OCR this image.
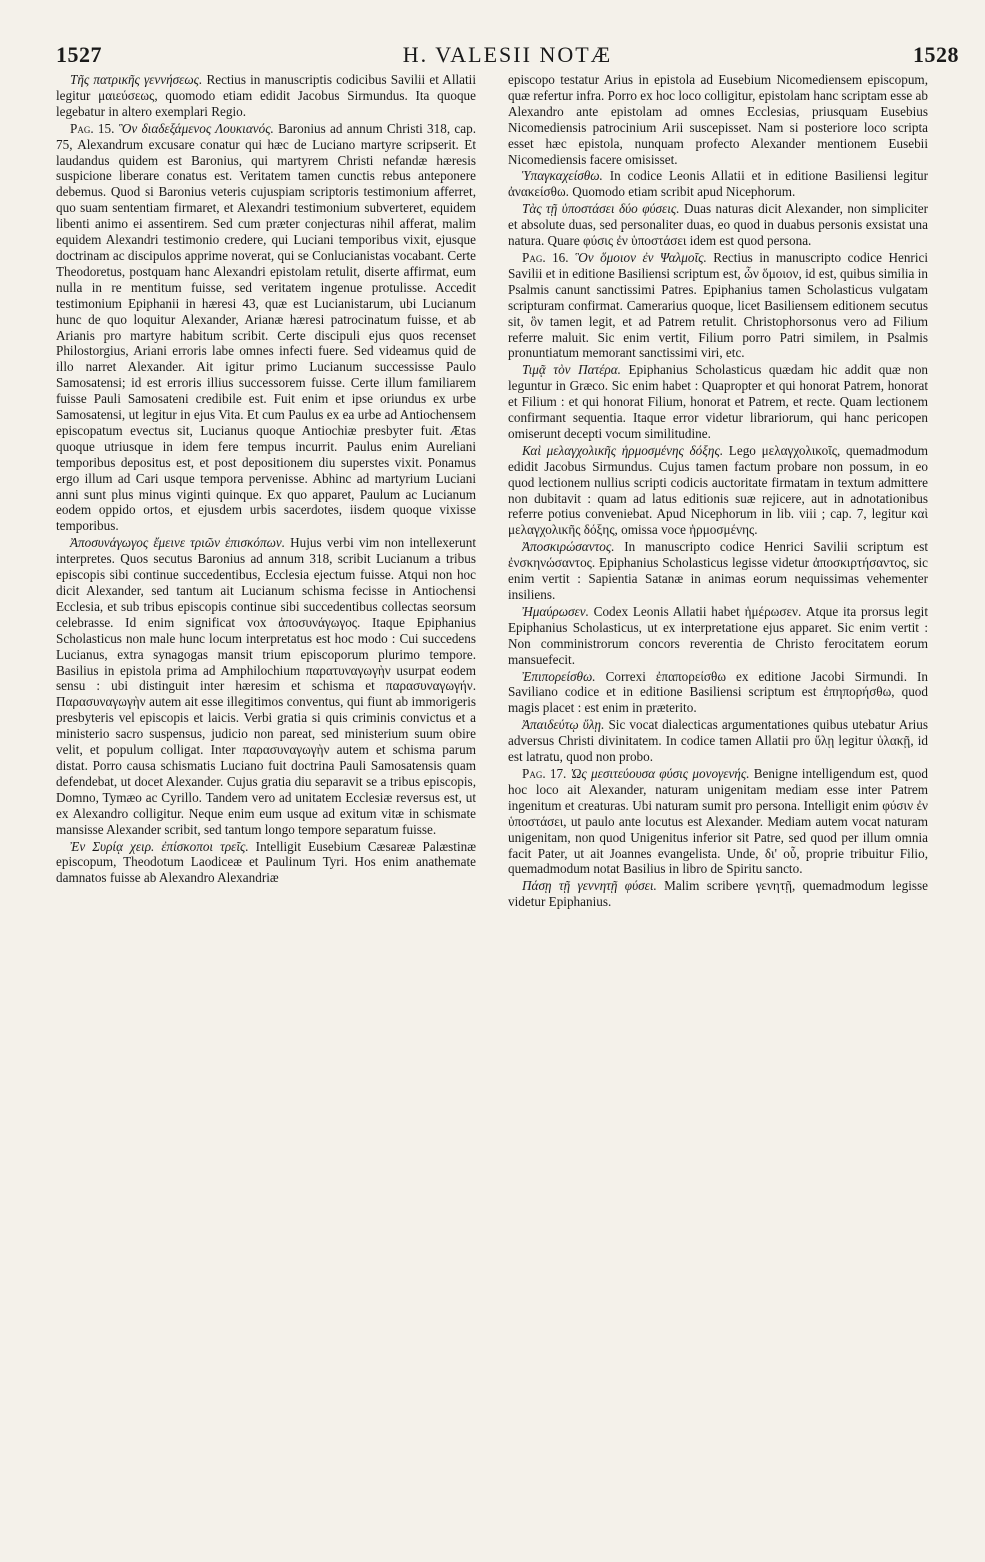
1527	H. VALESII NOTÆ	1528

Τῆς πατρικῆς γεννήσεως. Rectius in manuscriptis codicibus Savilii et Allatii legitur μαιεύσεως, quomodo etiam edidit Jacobus Sirmundus. Ita quoque legebatur in altero exemplari Regio.

Pag. 15. Ὃν διαδεξάμενος Λουκιανός. Baronius ad annum Christi 318, cap. 75, Alexandrum excusare conatur qui hæc de Luciano martyre scripserit. Et laudandus quidem est Baronius, qui martyrem Christi nefandæ hæresis suspicione liberare conatus est. Veritatem tamen cunctis rebus anteponere debemus. Quod si Baronius veteris cujuspiam scriptoris testimonium afferret, quo suam sententiam firmaret, et Alexandri testimonium subverteret, equidem libenti animo ei assentirem. Sed cum præter conjecturas nihil afferat, malim equidem Alexandri testimonio credere, qui Luciani temporibus vixit, ejusque doctrinam ac discipulos apprime noverat, qui se Conlucianistas vocabant. Certe Theodoretus, postquam hanc Alexandri epistolam retulit, diserte affirmat, eum nulla in re mentitum fuisse, sed veritatem ingenue protulisse. Accedit testimonium Epiphanii in hæresi 43, quæ est Lucianistarum, ubi Lucianum hunc de quo loquitur Alexander, Arianæ hæresi patrocinatum fuisse, et ab Arianis pro martyre habitum scribit. Certe discipuli ejus quos recenset Philostorgius, Ariani erroris labe omnes infecti fuere. Sed videamus quid de illo narret Alexander. Ait igitur primo Lucianum successisse Paulo Samosatensi; id est erroris illius successorem fuisse. Certe illum familiarem fuisse Pauli Samosateni credibile est. Fuit enim et ipse oriundus ex urbe Samosatensi, ut legitur in ejus Vita. Et cum Paulus ex ea urbe ad Antiochensem episcopatum evectus sit, Lucianus quoque Antiochiæ presbyter fuit. Ætas quoque utriusque in idem fere tempus incurrit. Paulus enim Aureliani temporibus depositus est, et post depositionem diu superstes vixit. Ponamus ergo illum ad Cari usque tempora pervenisse. Abhinc ad martyrium Luciani anni sunt plus minus viginti quinque. Ex quo apparet, Paulum ac Lucianum eodem oppido ortos, et ejusdem urbis sacerdotes, iisdem quoque vixisse temporibus.

Ἀποσυνάγωγος ἔμεινε τριῶν ἐπισκόπων. Hujus verbi vim non intellexerunt interpretes. Quos secutus Baronius ad annum 318, scribit Lucianum a tribus episcopis sibi continue succedentibus, Ecclesia ejectum fuisse. Atqui non hoc dicit Alexander, sed tantum ait Lucianum schisma fecisse in Antiochensi Ecclesia, et sub tribus episcopis continue sibi succedentibus collectas seorsum celebrasse. Id enim significat vox ἀποσυνάγωγος. Itaque Epiphanius Scholasticus non male hunc locum interpretatus est hoc modo : Cui succedens Lucianus, extra synagogas mansit trium episcoporum plurimo tempore. Basilius in epistola prima ad Amphilochium παρατυναγωγὴν usurpat eodem sensu : ubi distinguit inter hæresim et schisma et παρασυναγωγήν. Παρασυναγωγὴν autem ait esse illegitimos conventus, qui fiunt ab immorigeris presbyteris vel episcopis et laicis. Verbi gratia si quis criminis convictus et a ministerio sacro suspensus, judicio non pareat, sed ministerium suum obire velit, et populum colligat. Inter παρασυναγωγὴν autem et schisma parum distat. Porro causa schismatis Luciano fuit doctrina Pauli Samosatensis quam defendebat, ut docet Alexander. Cujus gratia diu separavit se a tribus episcopis, Domno, Tymæo ac Cyrillo. Tandem vero ad unitatem Ecclesiæ reversus est, ut ex Alexandro colligitur. Neque enim eum usque ad exitum vitæ in schismate mansisse Alexander scribit, sed tantum longo tempore separatum fuisse.

Ἐν Συρίᾳ χειρ. ἐπίσκοποι τρεῖς. Intelligit Eusebium Cæsareæ Palæstinæ episcopum, Theodotum Laodiceæ et Paulinum Tyri. Hos enim anathemate damnatos fuisse ab Alexandro Alexandriæ

episcopo testatur Arius in epistola ad Eusebium Nicomediensem episcopum, quæ refertur infra. Porro ex hoc loco colligitur, epistolam hanc scriptam esse ab Alexandro ante epistolam ad omnes Ecclesias, priusquam Eusebius Nicomediensis patrocinium Arii suscepisset. Nam si posteriore loco scripta esset hæc epistola, nunquam profecto Alexander mentionem Eusebii Nicomediensis facere omisisset.

Ὑπαγκαχείσθω. In codice Leonis Allatii et in editione Basiliensi legitur ἀνακείσθω. Quomodo etiam scribit apud Nicephorum.

Τὰς τῇ ὑποστάσει δύο φύσεις. Duas naturas dicit Alexander, non simpliciter et absolute duas, sed personaliter duas, eo quod in duabus personis exsistat una natura. Quare φύσις ἐν ὑποστάσει idem est quod persona.

Pag. 16. Ὃν ὅμοιον ἐν Ψαλμοῖς. Rectius in manuscripto codice Henrici Savilii et in editione Basiliensi scriptum est, ὧν ὅμοιον, id est, quibus similia in Psalmis canunt sanctissimi Patres. Epiphanius tamen Scholasticus vulgatam scripturam confirmat. Camerarius quoque, licet Basiliensem editionem secutus sit, ὃν tamen legit, et ad Patrem retulit. Christophorsonus vero ad Filium referre maluit. Sic enim vertit, Filium porro Patri similem, in Psalmis pronuntiatum memorant sanctissimi viri, etc.

Τιμᾷ τὸν Πατέρα. Epiphanius Scholasticus quædam hic addit quæ non leguntur in Græco. Sic enim habet : Quapropter et qui honorat Patrem, honorat et Filium : et qui honorat Filium, honorat et Patrem, et recte. Quam lectionem confirmant sequentia. Itaque error videtur librariorum, qui hanc pericopen omiserunt decepti vocum similitudine.

Καὶ μελαγχολικῆς ἡρμοσμένης δόξης. Lego μελαγχολικοῖς, quemadmodum edidit Jacobus Sirmundus. Cujus tamen factum probare non possum, in eo quod lectionem nullius scripti codicis auctoritate firmatam in textum admittere non dubitavit : quam ad latus editionis suæ rejicere, aut in adnotationibus referre potius conveniebat. Apud Nicephorum in lib. viii ; cap. 7, legitur καὶ μελαγχολικῆς δόξης, omissa voce ἡρμοσμένης.

Ἀποσκιρώσαντος. In manuscripto codice Henrici Savilii scriptum est ἐνσκηνώσαντος. Epiphanius Scholasticus legisse videtur ἀποσκιρτήσαντος, sic enim vertit : Sapientia Satanæ in animas eorum nequissimas vehementer insiliens.

Ἠμαύρωσεν. Codex Leonis Allatii habet ἡμέρωσεν. Atque ita prorsus legit Epiphanius Scholasticus, ut ex interpretatione ejus apparet. Sic enim vertit : Non comministrorum concors reverentia de Christo ferocitatem eorum mansuefecit.

Ἐπιπορείσθω. Correxi ἐπαπορείσθω ex editione Jacobi Sirmundi. In Saviliano codice et in editione Basiliensi scriptum est ἐπηπορήσθω, quod magis placet : est enim in præterito.

Ἀπαιδεύτῳ ὕλῃ. Sic vocat dialecticas argumentationes quibus utebatur Arius adversus Christi divinitatem. In codice tamen Allatii pro ὕλῃ legitur ὑλακῇ, id est latratu, quod non probo.

Pag. 17. Ὡς μεσιτεύουσα φύσις μονογενής. Benigne intelligendum est, quod hoc loco ait Alexander, naturam unigenitam mediam esse inter Patrem ingenitum et creaturas. Ubi naturam sumit pro persona. Intelligit enim φύσιν ἐν ὑποστάσει, ut paulo ante locutus est Alexander. Mediam autem vocat naturam unigenitam, non quod Unigenitus inferior sit Patre, sed quod per illum omnia facit Pater, ut ait Joannes evangelista. Unde, δι' οὗ, proprie tribuitur Filio, quemadmodum notat Basilius in libro de Spiritu sancto.

Πάσῃ τῇ γεννητῇ φύσει. Malim scribere γενητῇ, quemadmodum legisse videtur Epiphanius.
